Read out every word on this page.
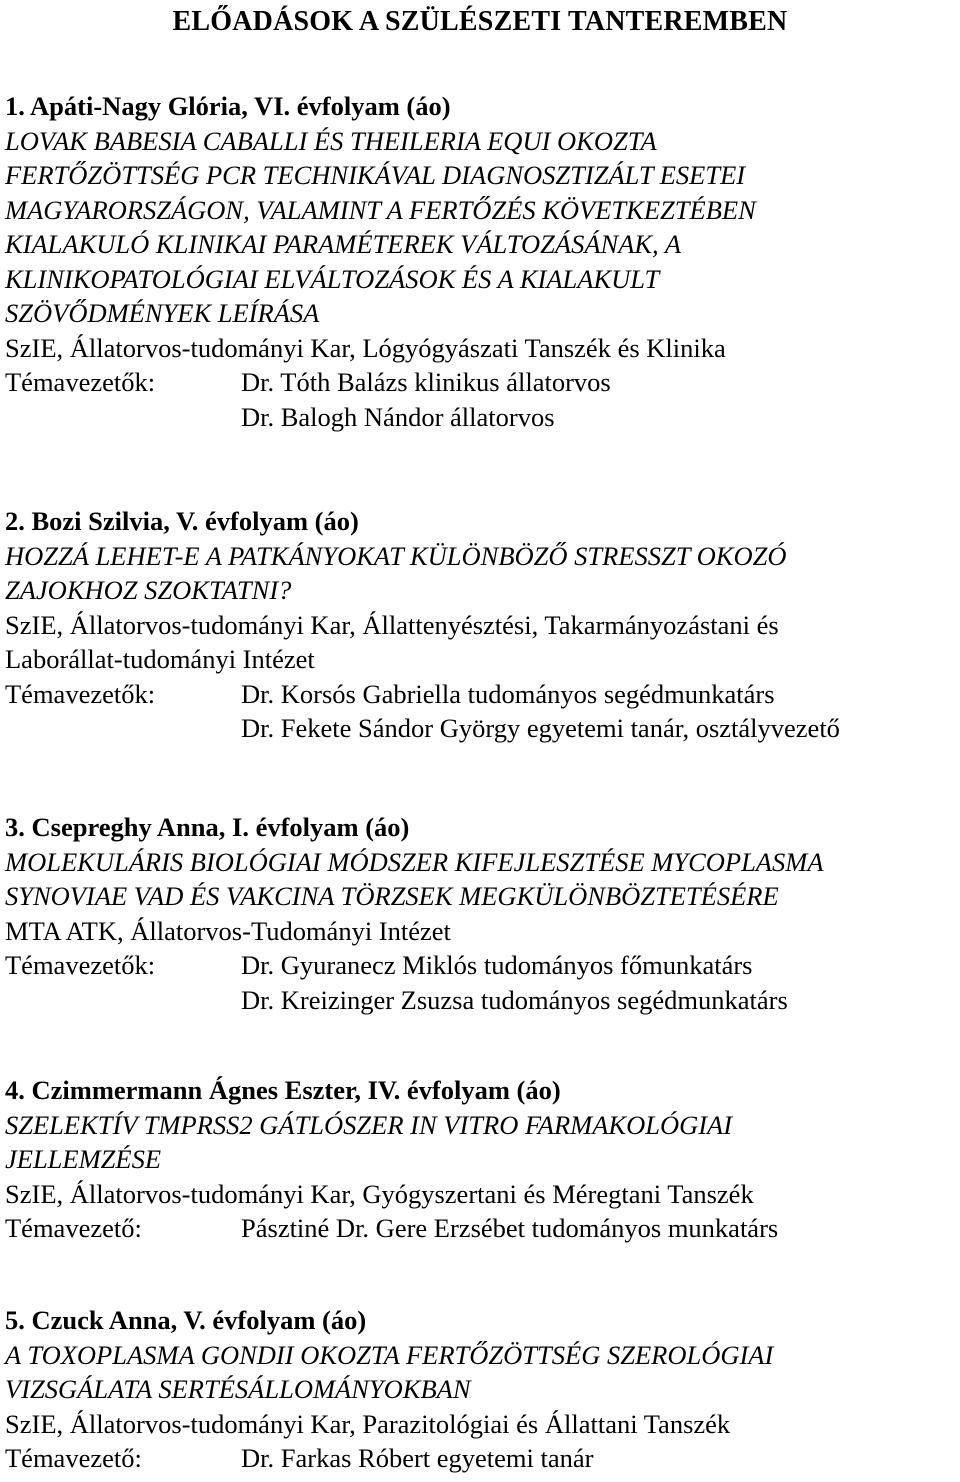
ELŐADÁSOK A SZÜLÉSZETI TANTEREMBEN
1. Apáti-Nagy Glória, VI. évfolyam (áo)
LOVAK BABESIA CABALLI ÉS THEILERIA EQUI OKOZTA
FERTŐZÖTTSÉG PCR TECHNIKÁVAL DIAGNOSZTIZÁLT ESETEI
MAGYARORSZÁGON, VALAMINT A FERTŐZÉS KÖVETKEZTÉBEN
KIALAKULÓ KLINIKAI PARAMÉTEREK VÁLTOZÁSÁNAK, A
KLINIKOPATOLÓGIAI ELVÁLTOZÁSOK ÉS A KIALAKULT
SZÖVŐDMÉNYEK LEÍRÁSA
SzIE, Állatorvos-tudományi Kar, Lógyógyászati Tanszék és Klinika
Témavezetők:	Dr. Tóth Balázs klinikus állatorvos
Dr. Balogh Nándor állatorvos
2. Bozi Szilvia, V. évfolyam (áo)
HOZZÁ LEHET-E A PATKÁNYOKAT KÜLÖNBÖZŐ STRESSZT OKOZÓ
ZAJOKHOZ SZOKTATNI?
SzIE, Állatorvos-tudományi Kar, Állattenyésztési, Takarmányozástani és
Laborállat-tudományi Intézet
Témavezetők:	Dr. Korsós Gabriella tudományos segédmunkatárs
Dr. Fekete Sándor György egyetemi tanár, osztályvezető
3. Csepreghy Anna, I. évfolyam (áo)
MOLEKULÁRIS BIOLÓGIAI MÓDSZER KIFEJLESZTÉSE MYCOPLASMA
SYNOVIAE VAD ÉS VAKCINA TÖRZSEK MEGKÜLÖNBÖZTETÉSÉRE
MTA ATK, Állatorvos-Tudományi Intézet
Témavezetők:	Dr. Gyuranecz Miklós tudományos főmunkatárs
Dr. Kreizinger Zsuzsa tudományos segédmunkatárs
4. Czimmermann Ágnes Eszter, IV. évfolyam (áo)
SZELEKTÍV TMPRSS2 GÁTLÓSZER IN VITRO FARMAKOLÓGIAI
JELLEMZÉSE
SzIE, Állatorvos-tudományi Kar, Gyógyszertani és Méregtani Tanszék
Témavezető:	Pásztiné Dr. Gere Erzsébet tudományos munkatárs
5. Czuck Anna, V. évfolyam (áo)
A TOXOPLASMA GONDII OKOZTA FERTŐZÖTTSÉG SZEROLÓGIAI
VIZSGÁLATA SERTÉSÁLLOMÁNYOKBAN
SzIE, Állatorvos-tudományi Kar, Parazitológiai és Állattani Tanszék
Témavezető:	Dr. Farkas Róbert egyetemi tanár
